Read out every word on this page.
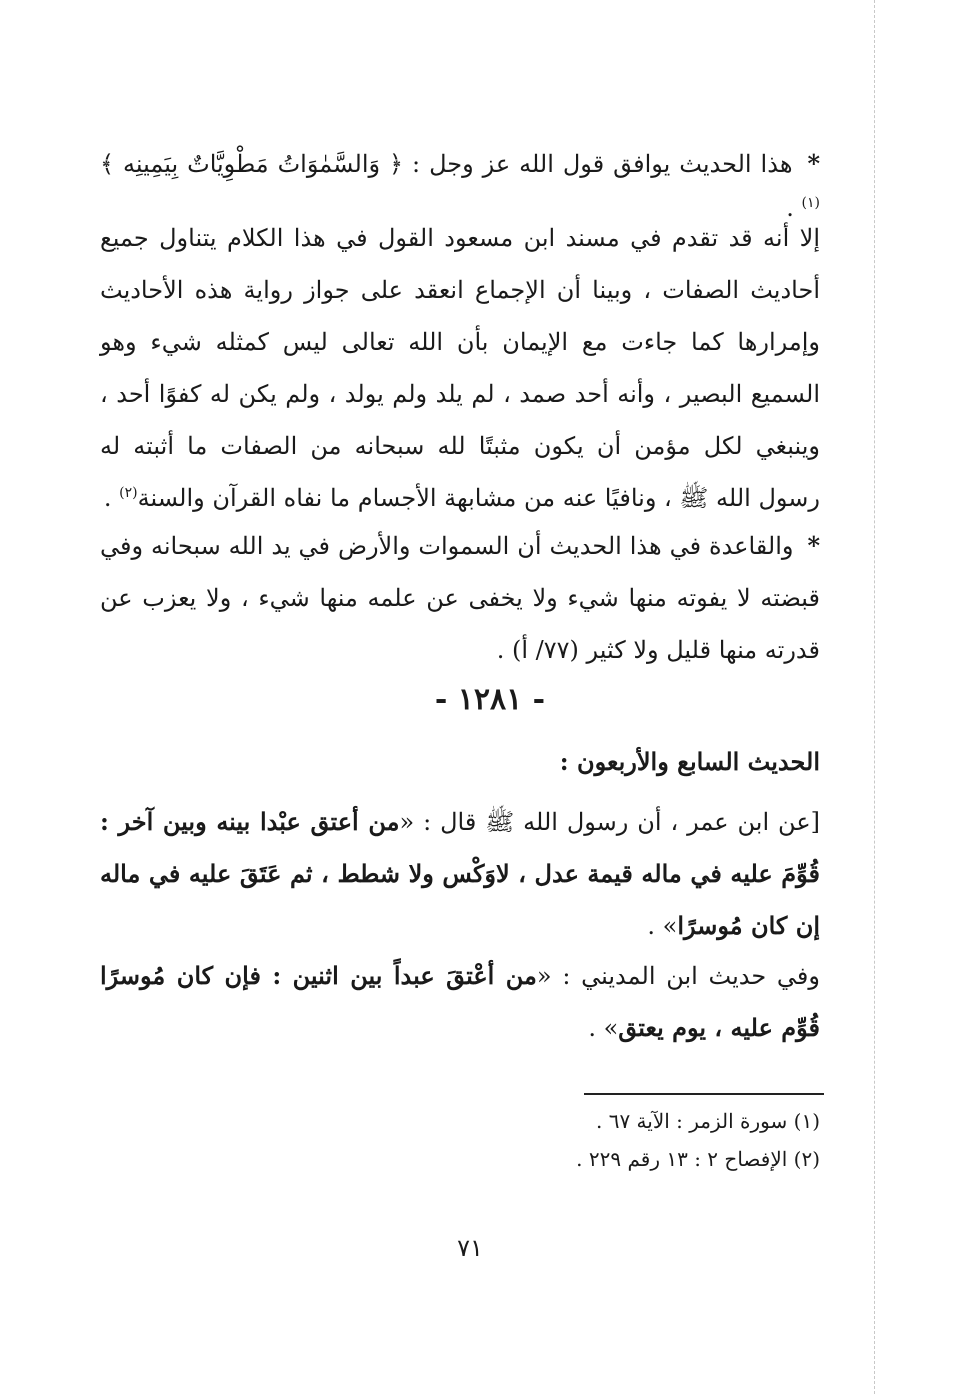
* هذا الحديث يوافق قول الله عز وجل : ﴿ وَالسَّمٰوَاتُ مَطْوِيَّاتٌ بِيَمِينِه ﴾$^{(١)}$ .

إلا أنه قد تقدم في مسند ابن مسعود القول في هذا الكلام يتناول جميع أحاديث الصفات ، وبينا أن الإجماع انعقد على جواز رواية هذه الأحاديث وإمرارها كما جاءت مع الإيمان بأن الله تعالى ليس كمثله شيء وهو السميع البصير ، وأنه أحد صمد ، لم يلد ولم يولد ، ولم يكن له كفوًا أحد ، وينبغي لكل مؤمن أن يكون مثبتًا لله سبحانه من الصفات ما أثبته له رسول الله ﷺ ، ونافيًا عنه من مشابهة الأجسام ما نفاه القرآن والسنة$^{(٢)}$ .

* والقاعدة في هذا الحديث أن السموات والأرض في يد الله سبحانه وفي قبضته لا يفوته منها شيء ولا يخفى عن علمه منها شيء ، ولا يعزب عن قدرته منها قليل ولا كثير (٧٧/ أ) .

- ١٢٨١ -
الحديث السابع والأربعون :

[عن ابن عمر ، أن رسول الله ﷺ قال : «من أعتق عبْدا بينه وبين آخر : قُوِّمَ عليه في ماله قيمة عدل ، لاوَكْس ولا شطط ، ثم عَتَقَ عليه في ماله إن كان مُوسرًا» .

وفي حديث ابن المديني : «من أعْتقَ عبداً بين اثنين : فإن كان مُوسرًا قُوِّم عليه ، يوم يعتق» .

(١) سورة الزمر : الآية ٦٧ .
(٢) الإفصاح ٢ : ١٣ رقم ٢٢٩ .
٧١
